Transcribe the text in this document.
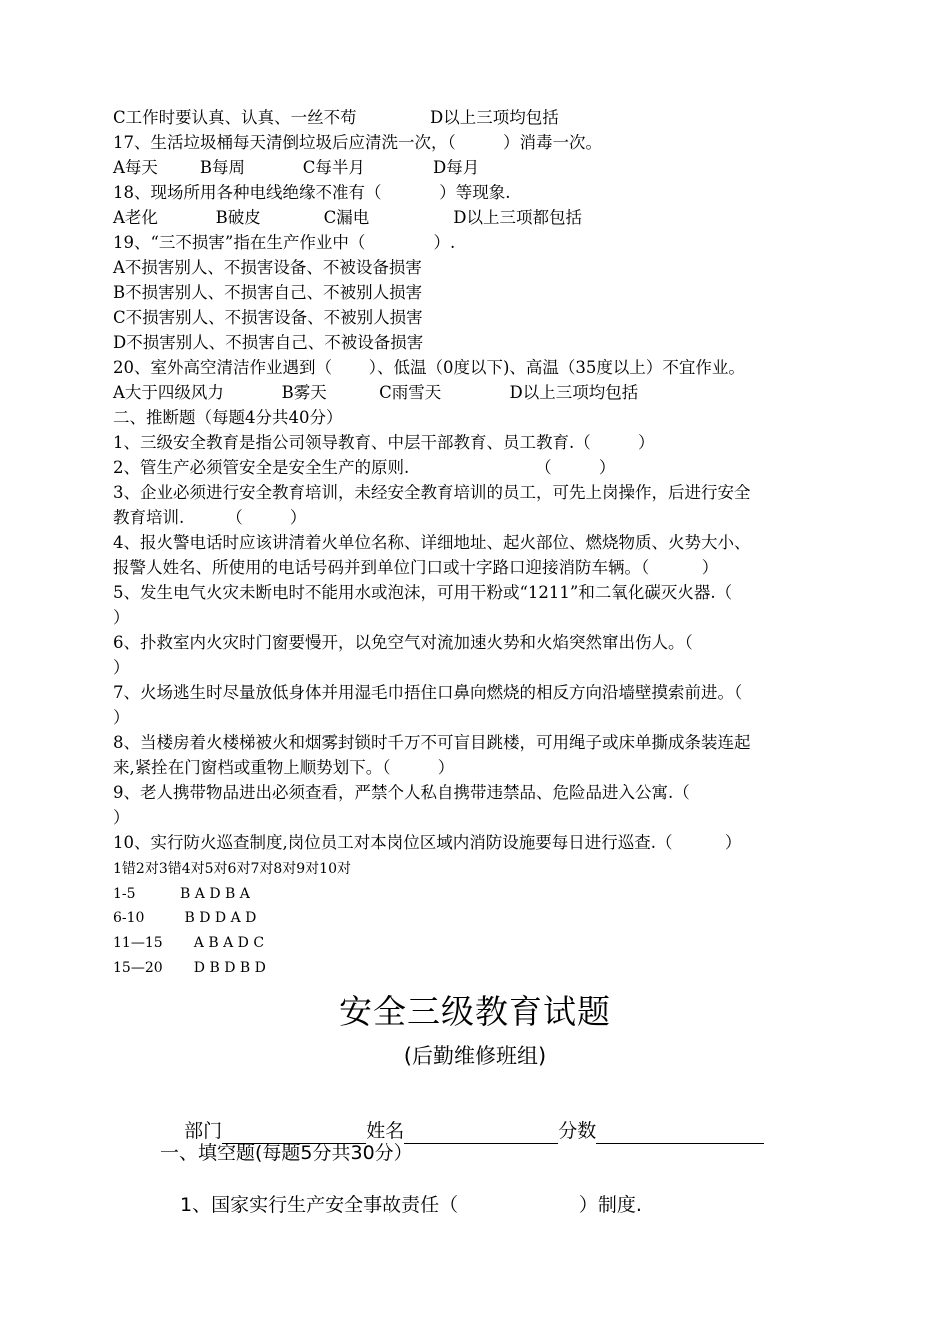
C工作时要认真、认真、一丝不苟              D以上三项均包括
17、生活垃圾桶每天清倒垃圾后应清洗一次，（         ）消毒一次。
A每天        B每周           C每半月             D每月
18、现场所用各种电线绝缘不准有（           ）等现象.
A老化           B破皮            C漏电                D以上三项都包括
19、“三不损害”指在生产作业中（             ）.
A不损害别人、不损害设备、不被设备损害
B不损害别人、不损害自己、不被别人损害
C不损害别人、不损害设备、不被别人损害
D不损害别人、不损害自己、不被设备损害
20、室外高空清洁作业遇到（       ）、低温（0度以下)、高温（35度以上）不宜作业。
A大于四级风力           B雾天          C雨雪天             D以上三项均包括
二、推断题（每题4分共40分）
1、三级安全教育是指公司领导教育、中层干部教育、员工教育.（         ）
2、管生产必须管安全是安全生产的原则.                        （         ）
3、企业必须进行安全教育培训，未经安全教育培训的员工，可先上岗操作，后进行安全
教育培训.        （         ）
4、报火警电话时应该讲清着火单位名称、详细地址、起火部位、燃烧物质、火势大小、
报警人姓名、所使用的电话号码并到单位门口或十字路口迎接消防车辆。（          ）
5、发生电气火灾未断电时不能用水或泡沫，可用干粉或“1211”和二氧化碳灭火器.（
）
6、扑救室内火灾时门窗要慢开，以免空气对流加速火势和火焰突然窜出伤人。（
）
7、火场逃生时尽量放低身体并用湿毛巾捂住口鼻向燃烧的相反方向沿墙壁摸索前进。（
）
8、当楼房着火楼梯被火和烟雾封锁时千万不可盲目跳楼，可用绳子或床单撕成条装连起
来,紧拴在门窗档或重物上顺势划下。（         ）
9、老人携带物品进出必须查看，严禁个人私自携带违禁品、危险品进入公寓.（
）
10、实行防火巡查制度,岗位员工对本岗位区域内消防设施要每日进行巡查.（          ）
1错2对3错4对5对6对7对8对9对10对
1-5          B A D B A
6-10         B D D A D
11—15       A B A D C
15—20       D B D B D
安全三级教育试题
(后勤维修班组)

部门	姓名	分数

一、填空题(每题5分共30分）
1、国家实行生产安全事故责任（                    ）制度.
